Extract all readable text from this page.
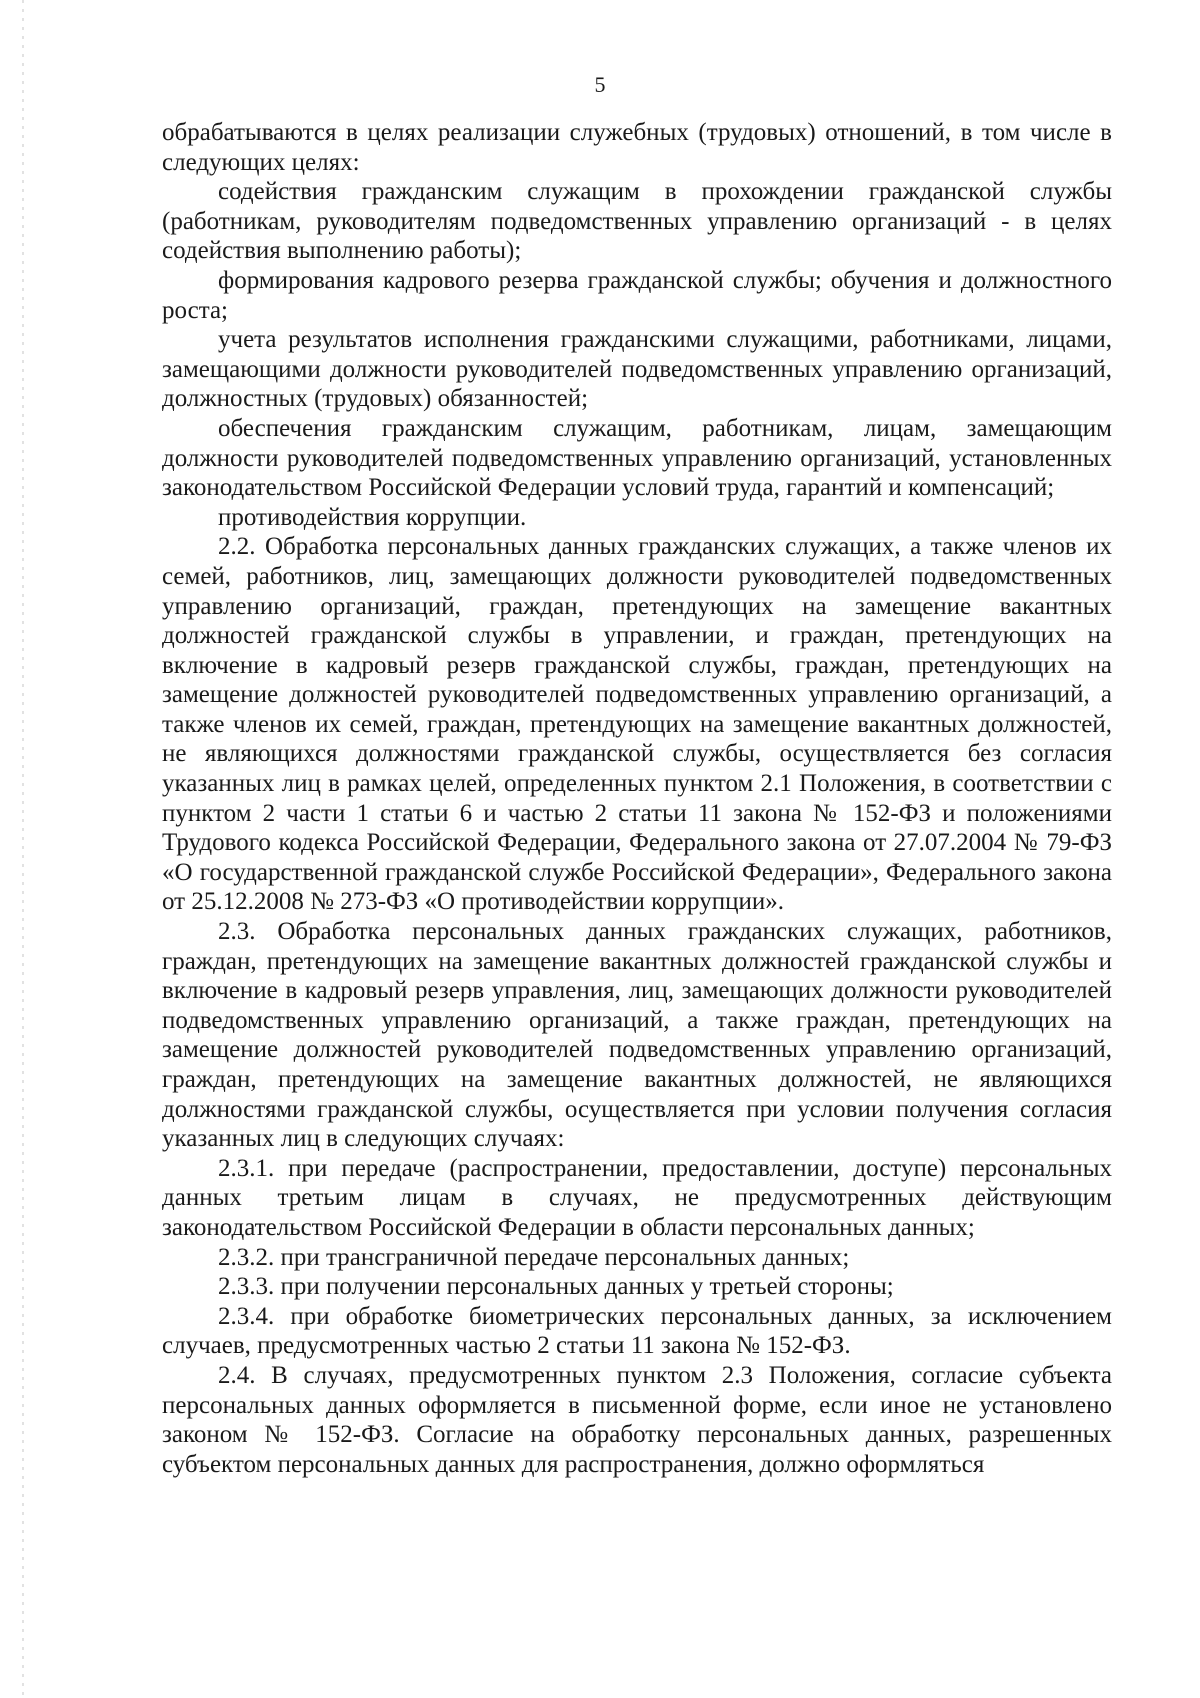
5

обрабатываются в целях реализации служебных (трудовых) отношений, в том числе в следующих целях:

содействия гражданским служащим в прохождении гражданской службы (работникам, руководителям подведомственных управлению организаций - в целях содействия выполнению работы);

формирования кадрового резерва гражданской службы; обучения и должностного роста;

учета результатов исполнения гражданскими служащими, работниками, лицами, замещающими должности руководителей подведомственных управлению организаций, должностных (трудовых) обязанностей;

обеспечения гражданским служащим, работникам, лицам, замещающим должности руководителей подведомственных управлению организаций, установленных законодательством Российской Федерации условий труда, гарантий и компенсаций;

противодействия коррупции.

2.2. Обработка персональных данных гражданских служащих, а также членов их семей, работников, лиц, замещающих должности руководителей подведомственных управлению организаций, граждан, претендующих на замещение вакантных должностей гражданской службы в управлении, и граждан, претендующих на включение в кадровый резерв гражданской службы, граждан, претендующих на замещение должностей руководителей подведомственных управлению организаций, а также членов их семей, граждан, претендующих на замещение вакантных должностей, не являющихся должностями гражданской службы, осуществляется без согласия указанных лиц в рамках целей, определенных пунктом 2.1 Положения, в соответствии с пунктом 2 части 1 статьи 6 и частью 2 статьи 11 закона № 152-ФЗ и положениями Трудового кодекса Российской Федерации, Федерального закона от 27.07.2004 № 79-ФЗ «О государственной гражданской службе Российской Федерации», Федерального закона от 25.12.2008 № 273-ФЗ «О противодействии коррупции».

2.3. Обработка персональных данных гражданских служащих, работников, граждан, претендующих на замещение вакантных должностей гражданской службы и включение в кадровый резерв управления, лиц, замещающих должности руководителей подведомственных управлению организаций, а также граждан, претендующих на замещение должностей руководителей подведомственных управлению организаций, граждан, претендующих на замещение вакантных должностей, не являющихся должностями гражданской службы, осуществляется при условии получения согласия указанных лиц в следующих случаях:

2.3.1. при передаче (распространении, предоставлении, доступе) персональных данных третьим лицам в случаях, не предусмотренных действующим законодательством Российской Федерации в области персональных данных;

2.3.2. при трансграничной передаче персональных данных;

2.3.3. при получении персональных данных у третьей стороны;

2.3.4. при обработке биометрических персональных данных, за исключением случаев, предусмотренных частью 2 статьи 11 закона № 152-ФЗ.

2.4. В случаях, предусмотренных пунктом 2.3 Положения, согласие субъекта персональных данных оформляется в письменной форме, если иное не установлено законом № 152-ФЗ. Согласие на обработку персональных данных, разрешенных субъектом персональных данных для распространения, должно оформляться
